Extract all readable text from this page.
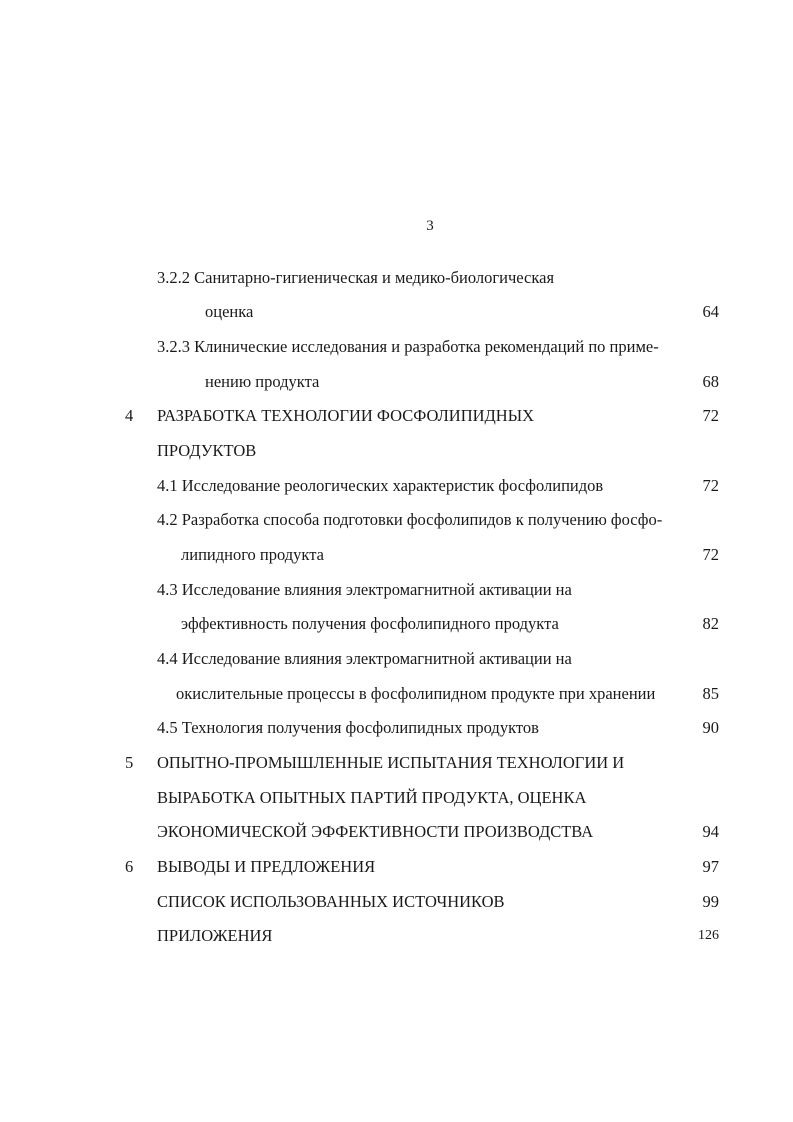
3
3.2.2 Санитарно-гигиеническая и медико-биологическая
оценка	64
3.2.3 Клинические исследования и разработка рекомендаций по приме-
нению продукта	68
4 РАЗРАБОТКА ТЕХНОЛОГИИ ФОСФОЛИПИДНЫХ	72
ПРОДУКТОВ
4.1 Исследование реологических характеристик фосфолипидов	72
4.2 Разработка способа подготовки фосфолипидов к получению фосфо-
липидного продукта	72
4.3 Исследование влияния электромагнитной активации на
эффективность получения фосфолипидного продукта	82
4.4 Исследование влияния электромагнитной активации на
окислительные процессы в фосфолипидном продукте при хранении	85
4.5 Технология получения фосфолипидных продуктов	90
5 ОПЫТНО-ПРОМЫШЛЕННЫЕ ИСПЫТАНИЯ ТЕХНОЛОГИИ И
ВЫРАБОТКА ОПЫТНЫХ ПАРТИЙ ПРОДУКТА, ОЦЕНКА
ЭКОНОМИЧЕСКОЙ ЭФФЕКТИВНОСТИ ПРОИЗВОДСТВА	94
6 ВЫВОДЫ И ПРЕДЛОЖЕНИЯ	97
СПИСОК ИСПОЛЬЗОВАННЫХ ИСТОЧНИКОВ	99
ПРИЛОЖЕНИЯ	126
